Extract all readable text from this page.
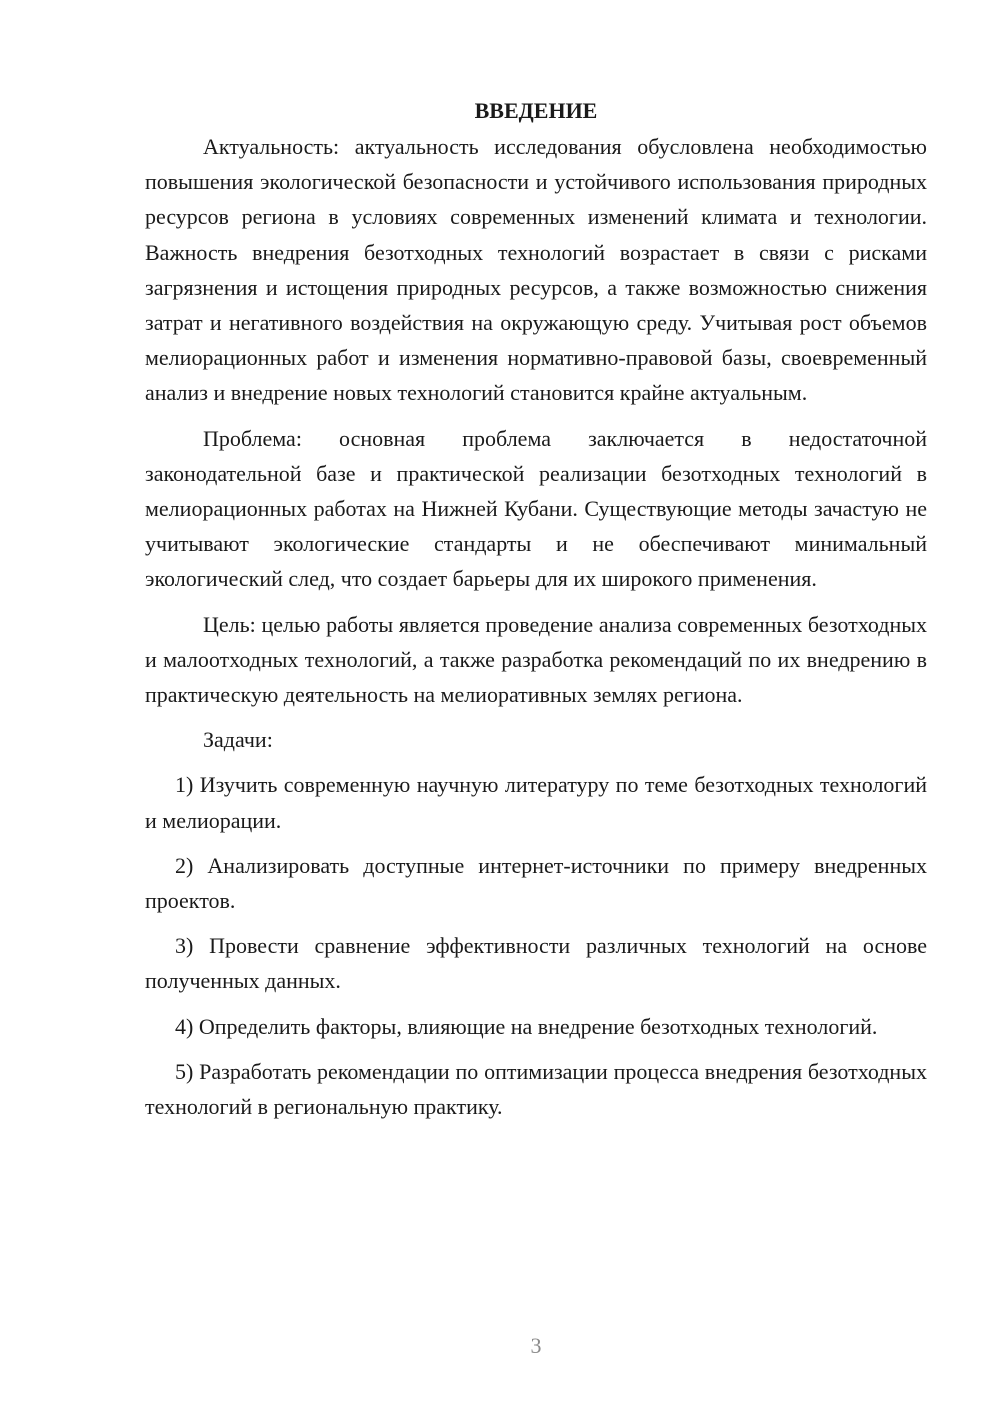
ВВЕДЕНИЕ

Актуальность: актуальность исследования обусловлена необходимостью повышения экологической безопасности и устойчивого использования природных ресурсов региона в условиях современных изменений климата и технологии. Важность внедрения безотходных технологий возрастает в связи с рисками загрязнения и истощения природных ресурсов, а также возможностью снижения затрат и негативного воздействия на окружающую среду. Учитывая рост объемов мелиорационных работ и изменения нормативно-правовой базы, своевременный анализ и внедрение новых технологий становится крайне актуальным.

Проблема: основная проблема заключается в недостаточной законодательной базе и практической реализации безотходных технологий в мелиорационных работах на Нижней Кубани. Существующие методы зачастую не учитывают экологические стандарты и не обеспечивают минимальный экологический след, что создает барьеры для их широкого применения.

Цель: целью работы является проведение анализа современных безотходных и малоотходных технологий, а также разработка рекомендаций по их внедрению в практическую деятельность на мелиоративных землях региона.

Задачи:

1) Изучить современную научную литературу по теме безотходных технологий и мелиорации.

2) Анализировать доступные интернет-источники по примеру внедренных проектов.

3) Провести сравнение эффективности различных технологий на основе полученных данных.

4) Определить факторы, влияющие на внедрение безотходных технологий.

5) Разработать рекомендации по оптимизации процесса внедрения безотходных технологий в региональную практику.

3
